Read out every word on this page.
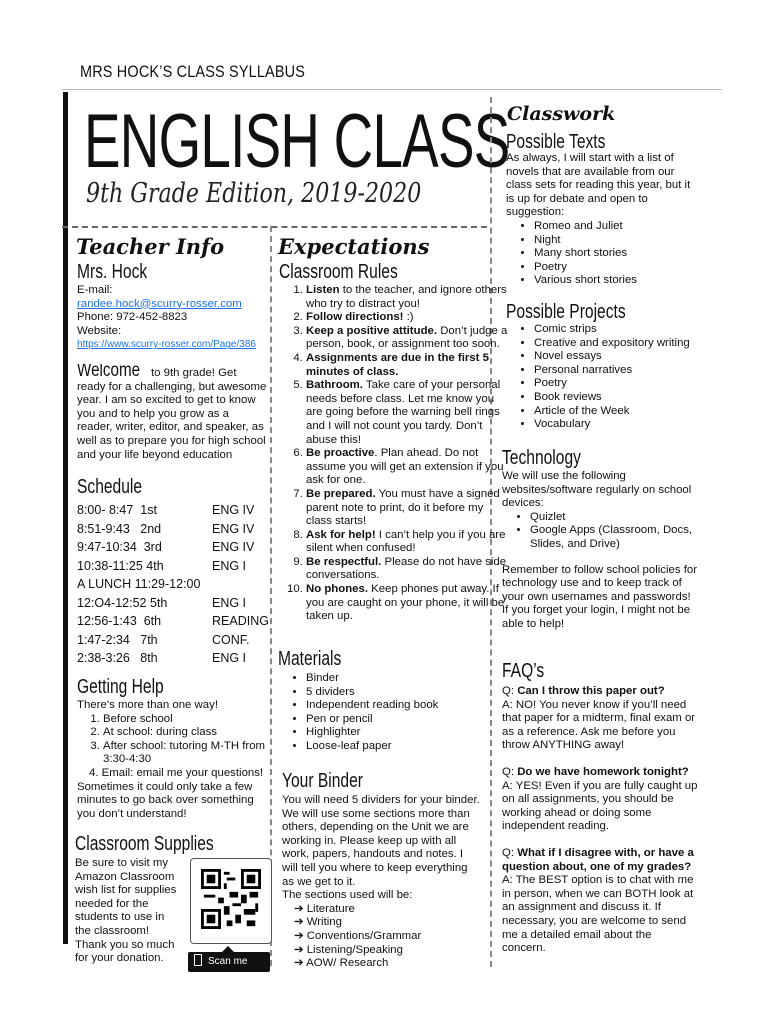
MRS HOCK’S CLASS SYLLABUS
ENGLISH CLASS
9th Grade Edition, 2019-2020
Teacher Info
Mrs. Hock
E-mail:
randee.hock@scurry-rosser.com
Phone: 972-452-8823
Website:
https://www.scurry-rosser.com/Page/386
Welcome to 9th grade! Get ready for a challenging, but awesome year. I am so excited to get to know you and to help you grow as a reader, writer, editor, and speaker, as well as to prepare you for high school and your life beyond education
Schedule
8:00- 8:47  1st	ENG IV
8:51-9:43   2nd	ENG IV
9:47-10:34  3rd	ENG IV
10:38-11:25 4th	ENG I
A LUNCH 11:29-12:00
12:O4-12:52 5th	ENG I
12:56-1:43  6th	READING
1:47-2:34   7th	CONF.
2:38-3:26   8th	ENG I
Getting Help
There’s more than one way!
1. Before school
2. At school: during class
3. After school: tutoring M-TH from 3:30-4:30
4. Email: email me your questions!
Sometimes it could only take a few minutes to go back over something you don’t understand!
Classroom Supplies
Be sure to visit my Amazon Classroom wish list for supplies needed for the students to use in the classroom! Thank you so much for your donation.	Scan me
Expectations
Classroom Rules
1. Listen to the teacher, and ignore others who try to distract you!
2. Follow directions! :)
3. Keep a positive attitude. Don’t judge a person, book, or assignment too soon.
4. Assignments are due in the first 5 minutes of class.
5. Bathroom. Take care of your personal needs before class. Let me know you are going before the warning bell rings and I will not count you tardy. Don’t abuse this!
6. Be proactive. Plan ahead. Do not assume you will get an extension if you ask for one.
7. Be prepared. You must have a signed parent note to print, do it before my class starts!
8. Ask for help! I can’t help you if you are silent when confused!
9. Be respectful. Please do not have side conversations.
10. No phones. Keep phones put away. If you are caught on your phone, it will be taken up.
Materials
• Binder
• 5 dividers
• Independent reading book
• Pen or pencil
• Highlighter
• Loose-leaf paper
Your Binder
You will need 5 dividers for your binder. We will use some sections more than others, depending on the Unit we are working in. Please keep up with all work, papers, handouts and notes. I will tell you where to keep everything as we get to it.
The sections used will be:
➔ Literature
➔ Writing
➔ Conventions/Grammar
➔ Listening/Speaking
➔ AOW/ Research
Classwork
Possible Texts
As always, I will start with a list of novels that are available from our class sets for reading this year, but it is up for debate and open to suggestion:
• Romeo and Juliet
• Night
• Many short stories
• Poetry
• Various short stories
Possible Projects
• Comic strips
• Creative and expository writing
• Novel essays
• Personal narratives
• Poetry
• Book reviews
• Article of the Week
• Vocabulary
Technology
We will use the following websites/software regularly on school devices:
• Quizlet
• Google Apps (Classroom, Docs, Slides, and Drive)
Remember to follow school policies for technology use and to keep track of your own usernames and passwords! If you forget your login, I might not be able to help!
FAQ’s
Q: Can I throw this paper out?
A: NO! You never know if you’ll need that paper for a midterm, final exam or as a reference. Ask me before you throw ANYTHING away!
Q: Do we have homework tonight?
A: YES! Even if you are fully caught up on all assignments, you should be working ahead or doing some independent reading.
Q: What if I disagree with, or have a question about, one of my grades?
A: The BEST option is to chat with me in person, when we can BOTH look at an assignment and discuss it. If necessary, you are welcome to send me a detailed email about the concern.
